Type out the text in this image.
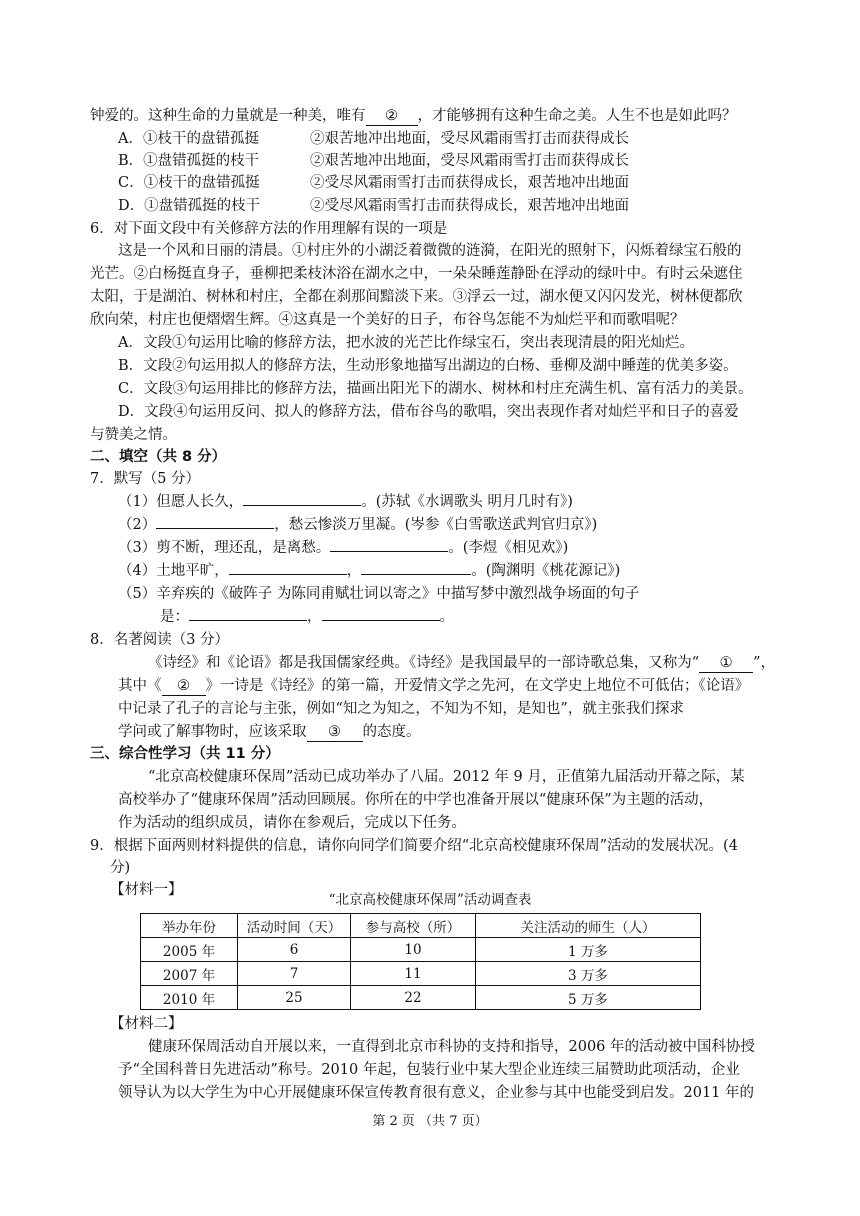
钟爱的。这种生命的力量就是一种美，唯有 ② ，才能够拥有这种生命之美。人生不也是如此吗？
A．①枝干的盘错孤挺	②艰苦地冲出地面，受尽风霜雨雪打击而获得成长
B．①盘错孤挺的枝干	②艰苦地冲出地面，受尽风霜雨雪打击而获得成长
C．①枝干的盘错孤挺	②受尽风霜雨雪打击而获得成长，艰苦地冲出地面
D．①盘错孤挺的枝干	②受尽风霜雨雪打击而获得成长，艰苦地冲出地面
6．对下面文段中有关修辞方法的作用理解有误的一项是
这是一个风和日丽的清晨。①村庄外的小湖泛着微微的涟漪，在阳光的照射下，闪烁着绿宝石般的
光芒。②白杨挺直身子，垂柳把柔枝沐浴在湖水之中，一朵朵睡莲静卧在浮动的绿叶中。有时云朵遮住
太阳，于是湖泊、树林和村庄，全都在刹那间黯淡下来。③浮云一过，湖水便又闪闪发光，树林便都欣
欣向荣，村庄也便熠熠生辉。④这真是一个美好的日子，布谷鸟怎能不为灿烂平和而歌唱呢？
A．文段①句运用比喻的修辞方法，把水波的光芒比作绿宝石，突出表现清晨的阳光灿烂。
B．文段②句运用拟人的修辞方法，生动形象地描写出湖边的白杨、垂柳及湖中睡莲的优美多姿。
C．文段③句运用排比的修辞方法，描画出阳光下的湖水、树林和村庄充满生机、富有活力的美景。
D．文段④句运用反问、拟人的修辞方法，借布谷鸟的歌唱，突出表现作者对灿烂平和日子的喜爱
与赞美之情。
二、填空（共 8 分）
7．默写（5 分）
（1）但愿人长久，	。(苏轼《水调歌头 明月几时有》)
（2）	，愁云惨淡万里凝。(岑参《白雪歌送武判官归京》)
（3）剪不断，理还乱，是离愁。	。(李煜《相见欢》)
（4）土地平旷，	，	。(陶渊明《桃花源记》)
（5）辛弃疾的《破阵子 为陈同甫赋壮词以寄之》中描写梦中激烈战争场面的句子
是：	，	。
8．名著阅读（3 分）
《诗经》和《论语》都是我国儒家经典。《诗经》是我国最早的一部诗歌总集，又称为“ ① ”，
其中《 ② 》一诗是《诗经》的第一篇，开爱情文学之先河，在文学史上地位不可低估；《论语》
中记录了孔子的言论与主张，例如“知之为知之，不知为不知，是知也”，就主张我们探求
学问或了解事物时，应该采取 ③ 的态度。
三、综合性学习（共 11 分）
“北京高校健康环保周”活动已成功举办了八届。2012 年 9 月，正值第九届活动开幕之际，某
高校举办了“健康环保周”活动回顾展。你所在的中学也准备开展以“健康环保”为主题的活动，
作为活动的组织成员，请你在参观后，完成以下任务。
9．根据下面两则材料提供的信息，请你向同学们简要介绍“北京高校健康环保周”活动的发展状况。(4
分)
【材料一】
“北京高校健康环保周”活动调查表
举办年份	活动时间（天）	参与高校（所）	关注活动的师生（人）
2005 年	6	10	1 万多
2007 年	7	11	3 万多
2010 年	25	22	5 万多
【材料二】
健康环保周活动自开展以来，一直得到北京市科协的支持和指导，2006 年的活动被中国科协授
予“全国科普日先进活动”称号。2010 年起，包装行业中某大型企业连续三届赞助此项活动，企业
领导认为以大学生为中心开展健康环保宣传教育很有意义，企业参与其中也能受到启发。2011 年的
第 2 页 （共 7 页）
